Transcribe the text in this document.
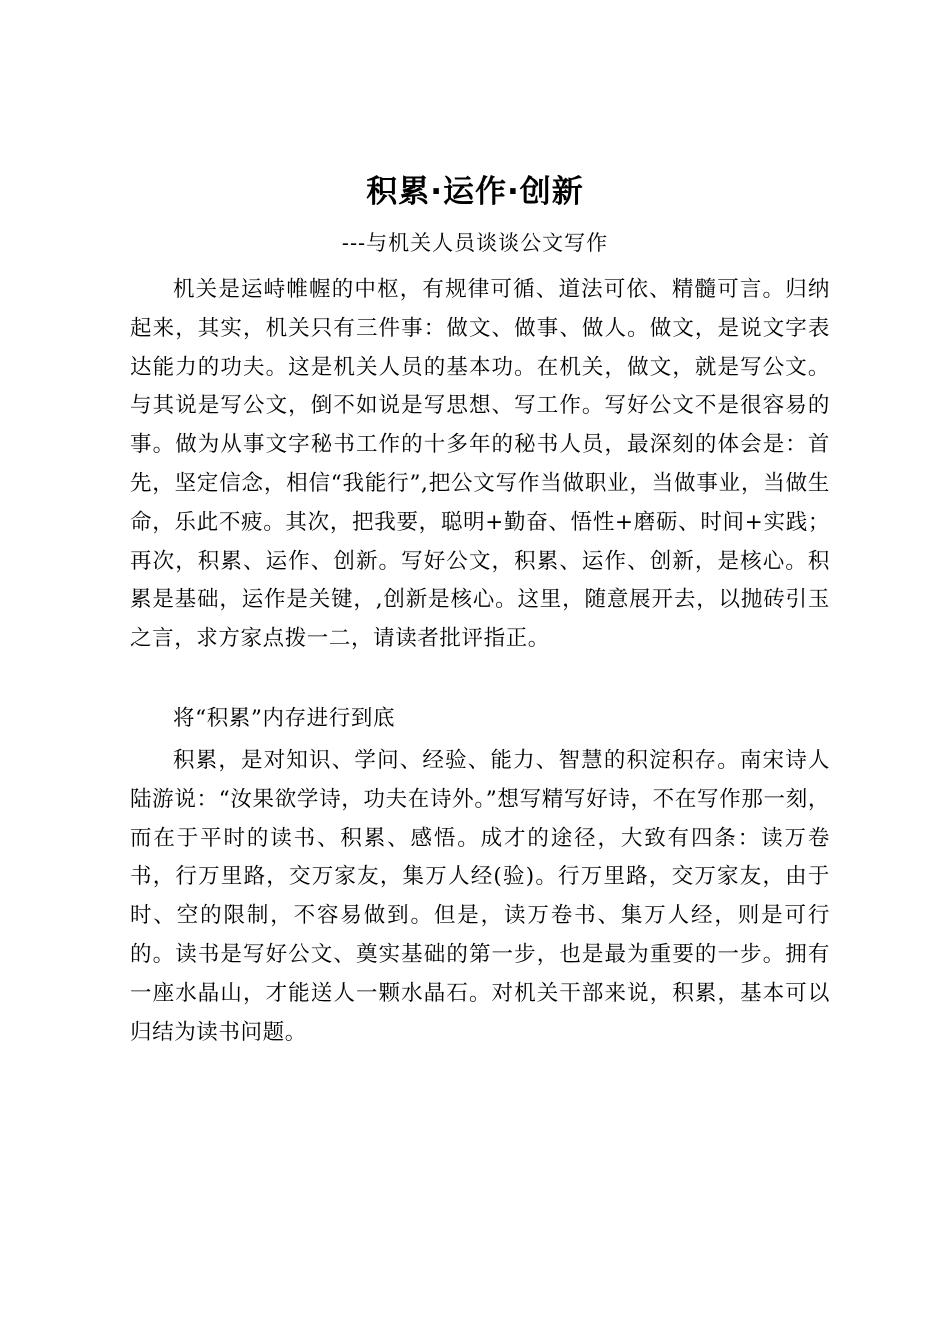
积累·运作·创新
---与机关人员谈谈公文写作

机关是运峙帷幄的中枢，有规律可循、道法可依、精髓可言。归纳起来，其实，机关只有三件事：做文、做事、做人。做文，是说文字表达能力的功夫。这是机关人员的基本功。在机关，做文，就是写公文。与其说是写公文，倒不如说是写思想、写工作。写好公文不是很容易的事。做为从事文字秘书工作的十多年的秘书人员，最深刻的体会是：首先，坚定信念，相信“我能行”,把公文写作当做职业，当做事业，当做生命，乐此不疲。其次，把我要，聪明+勤奋、悟性+磨砺、时间+实践；再次，积累、运作、创新。写好公文，积累、运作、创新，是核心。积累是基础，运作是关键，,创新是核心。这里，随意展开去，以抛砖引玉之言，求方家点拨一二，请读者批评指正。

将“积累”内存进行到底

积累，是对知识、学问、经验、能力、智慧的积淀积存。南宋诗人陆游说：“汝果欲学诗，功夫在诗外。”想写精写好诗，不在写作那一刻，而在于平时的读书、积累、感悟。成才的途径，大致有四条：读万卷书，行万里路，交万家友，集万人经(验)。行万里路，交万家友，由于时、空的限制，不容易做到。但是，读万卷书、集万人经，则是可行的。读书是写好公文、奠实基础的第一步，也是最为重要的一步。拥有一座水晶山，才能送人一颗水晶石。对机关干部来说，积累，基本可以归结为读书问题。
